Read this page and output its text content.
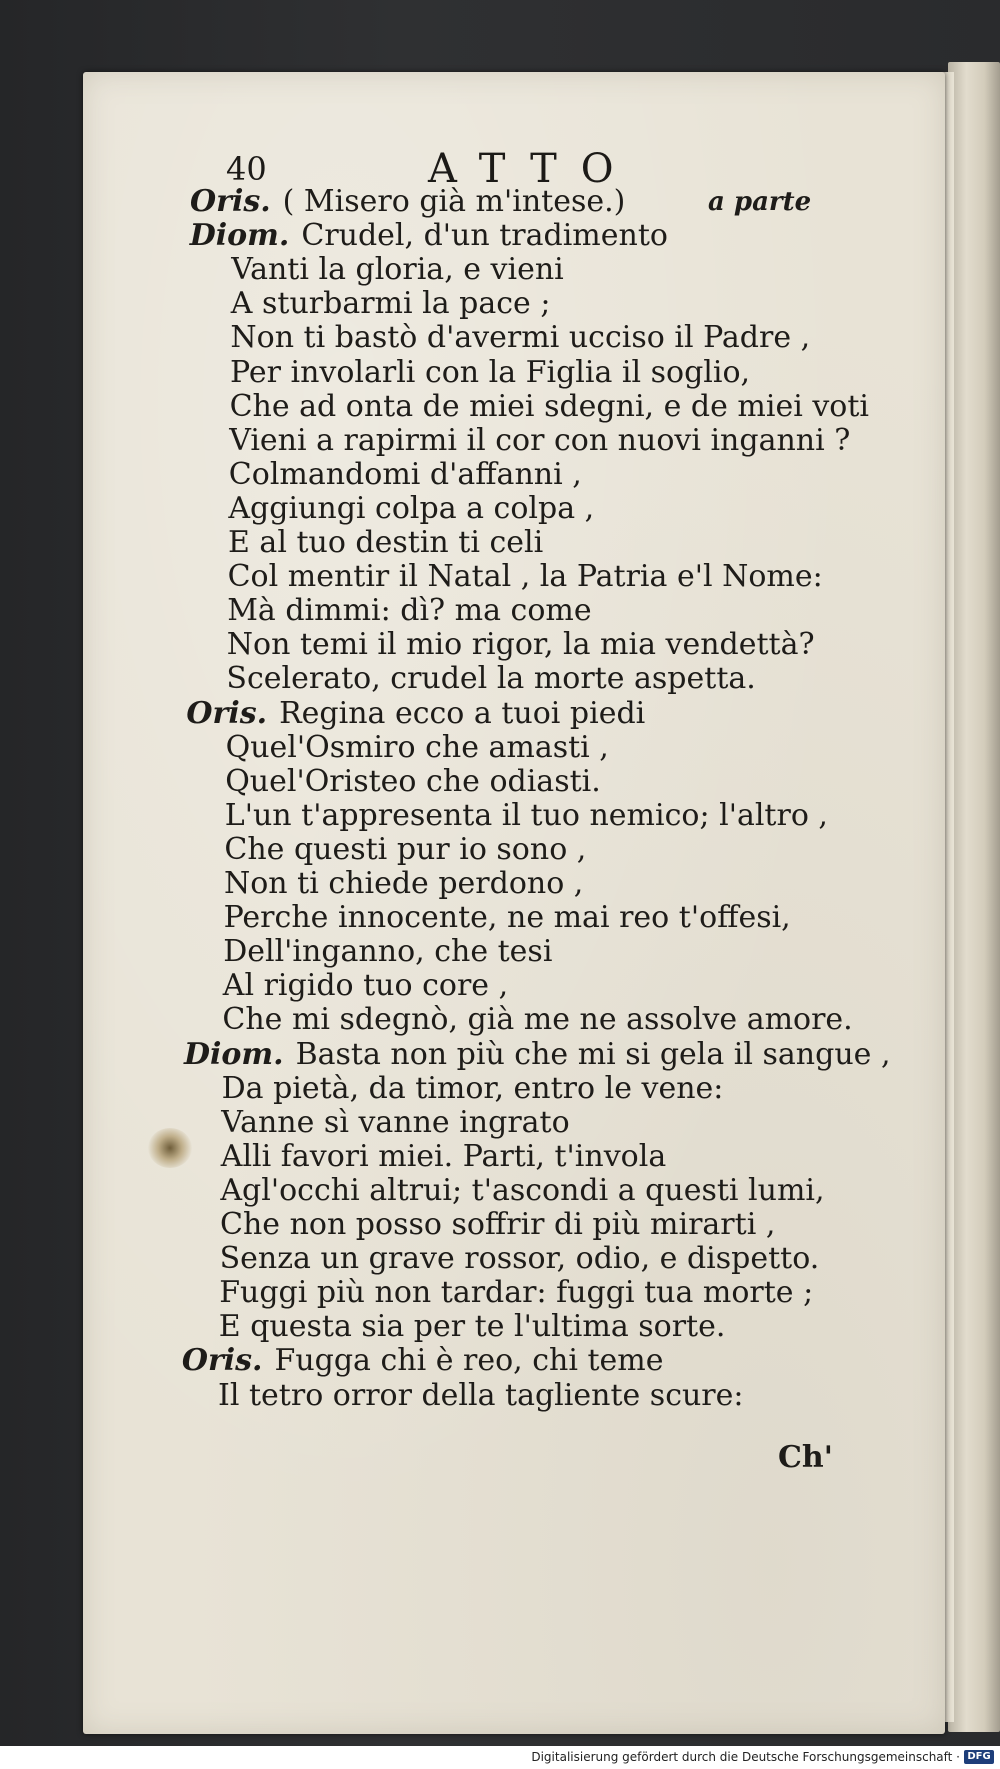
40	ATTO
Oris. ( Misero già m'intese.)	a parte
Diom. Crudel, d'un tradimento
Vanti la gloria, e vieni
A sturbarmi la pace ;
Non ti bastò d'avermi ucciso il Padre ,
Per involarli con la Figlia il soglio,
Che ad onta de miei sdegni, e de miei voti
Vieni a rapirmi il cor con nuovi inganni ?
Colmandomi d'affanni ,
Aggiungi colpa a colpa ,
E al tuo destin ti celi
Col mentir il Natal , la Patria e'l Nome:
Mà dimmi: dì? ma come
Non temi il mio rigor, la mia vendettà?
Scelerato, crudel la morte aspetta.
Oris. Regina ecco a tuoi piedi
Quel'Osmiro che amasti ,
Quel'Oristeo che odiasti.
L'un t'appresenta il tuo nemico; l'altro ,
Che questi pur io sono ,
Non ti chiede perdono ,
Perche innocente, ne mai reo t'offesi,
Dell'inganno, che tesi
Al rigido tuo core ,
Che mi sdegnò, già me ne assolve amore.
Diom. Basta non più che mi si gela il sangue ,
Da pietà, da timor, entro le vene:
Vanne sì vanne ingrato
Alli favori miei. Parti, t'involа
Agl'occhi altrui; t'ascondi a questi lumi,
Che non posso soffrir di più mirarti ,
Senza un grave rossor, odio, e dispetto.
Fuggi più non tardar: fuggi tua morte ;
E questa sia per te l'ultima sorte.
Oris. Fugga chi è reo, chi teme
Il tetro orror della tagliente scure:
Ch'
Digitalisierung gefördert durch die Deutsche Forschungsgemeinschaft · DFG
